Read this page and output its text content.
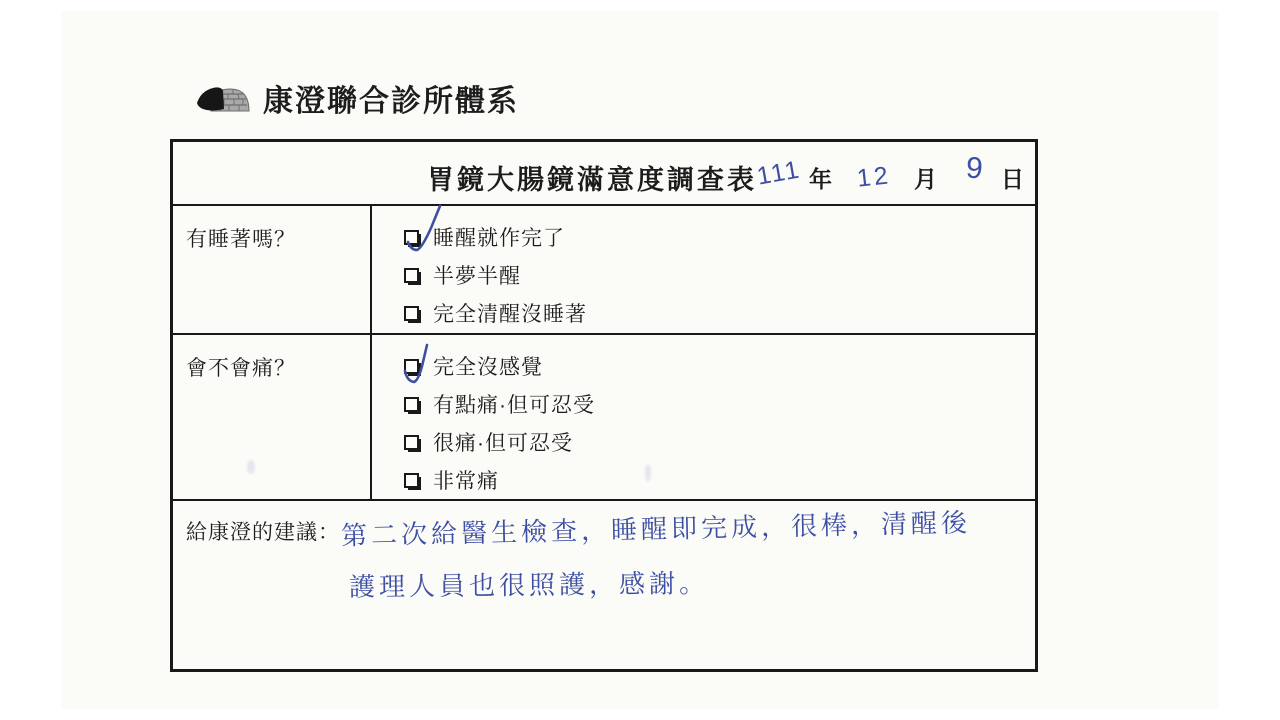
康澄聯合診所體系
胃鏡大腸鏡滿意度調查表
111 年 12 月 9 日
有睡著嗎？	睡醒就作完了
半夢半醒
完全清醒沒睡著
會不會痛？	完全沒感覺
有點痛·但可忍受
很痛·但可忍受
非常痛
給康澄的建議： 第二次給醫生檢查，睡醒即完成，很棒，清醒後
護理人員也很照護，感謝。
